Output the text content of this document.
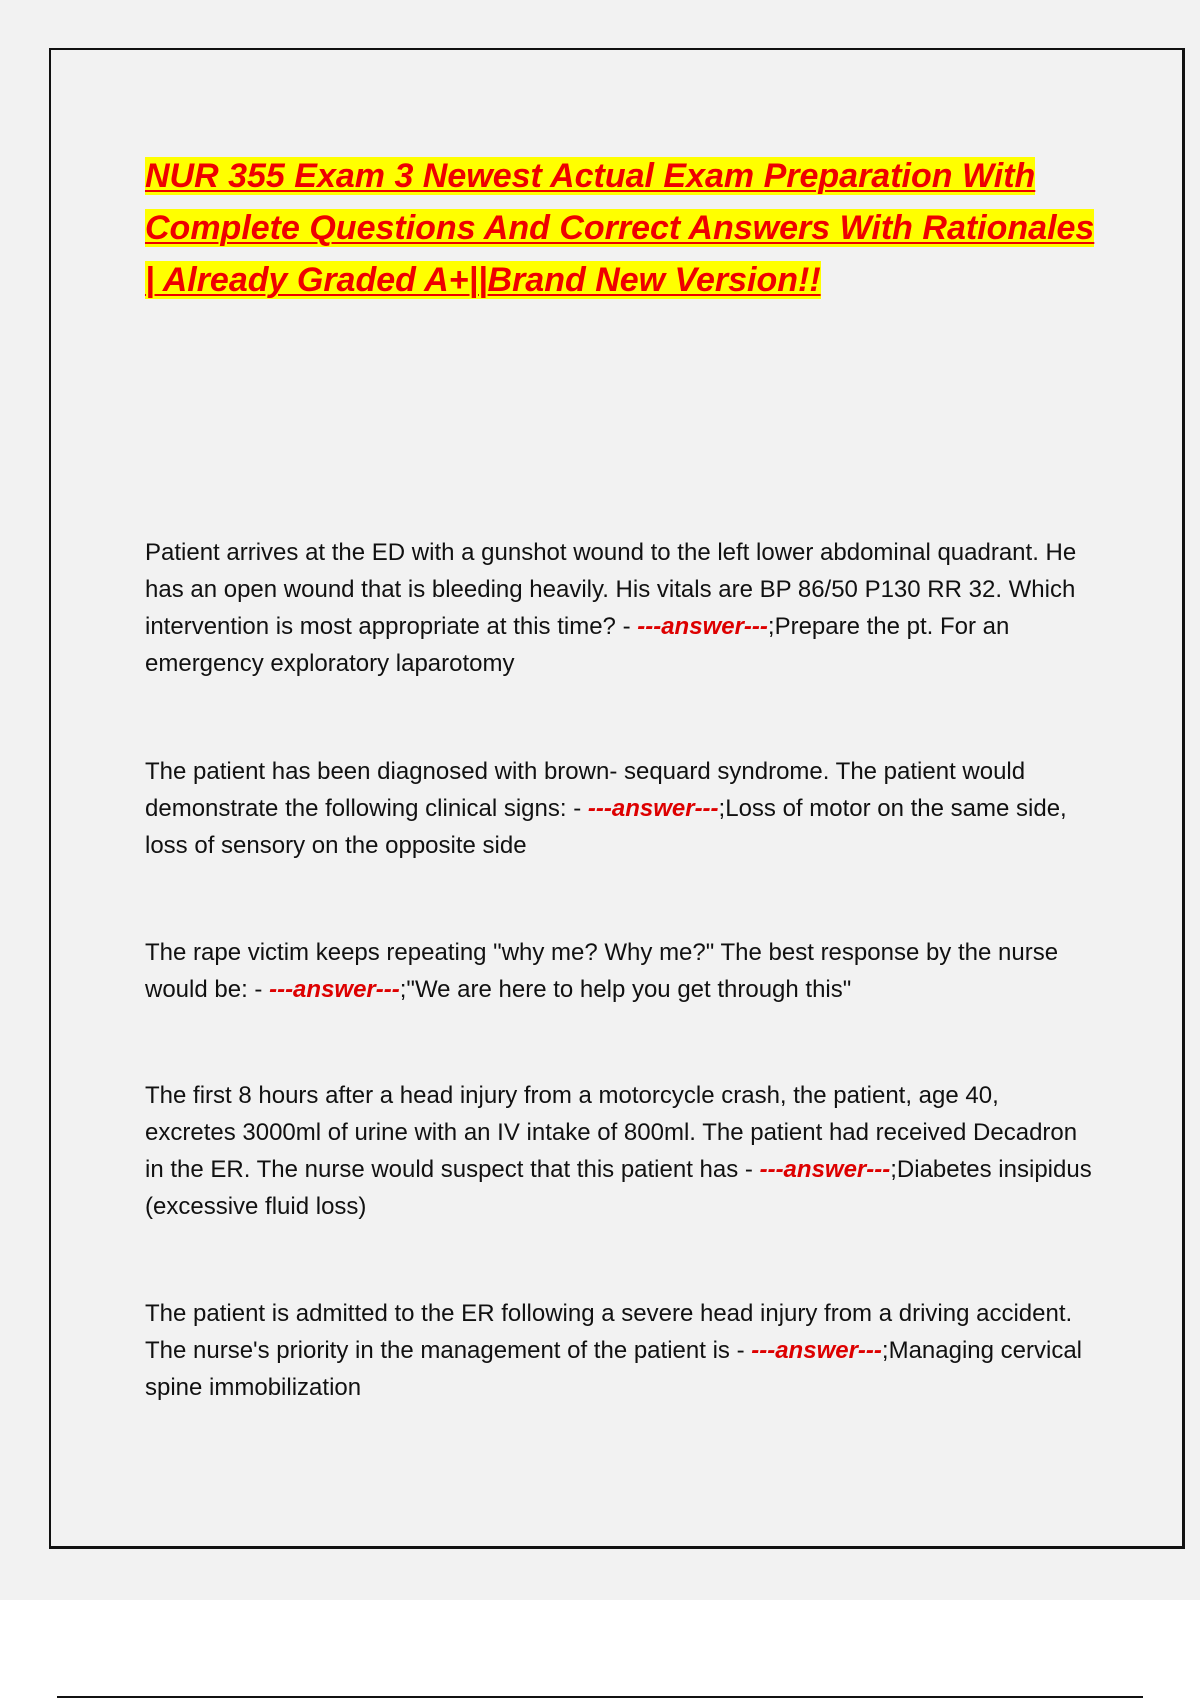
NUR 355 Exam 3 Newest Actual Exam Preparation With Complete Questions And Correct Answers With Rationales | Already Graded A+||Brand New Version!!

Patient arrives at the ED with a gunshot wound to the left lower abdominal quadrant. He has an open wound that is bleeding heavily. His vitals are BP 86/50 P130 RR 32. Which intervention is most appropriate at this time? - ---answer---;Prepare the pt. For an emergency exploratory laparotomy

The patient has been diagnosed with brown- sequard syndrome. The patient would demonstrate the following clinical signs: - ---answer---;Loss of motor on the same side, loss of sensory on the opposite side

The rape victim keeps repeating "why me? Why me?" The best response by the nurse would be: - ---answer---;"We are here to help you get through this"

The first 8 hours after a head injury from a motorcycle crash, the patient, age 40, excretes 3000ml of urine with an IV intake of 800ml. The patient had received Decadron in the ER. The nurse would suspect that this patient has - ---answer---;Diabetes insipidus (excessive fluid loss)

The patient is admitted to the ER following a severe head injury from a driving accident. The nurse's priority in the management of the patient is - ---answer---;Managing cervical spine immobilization
